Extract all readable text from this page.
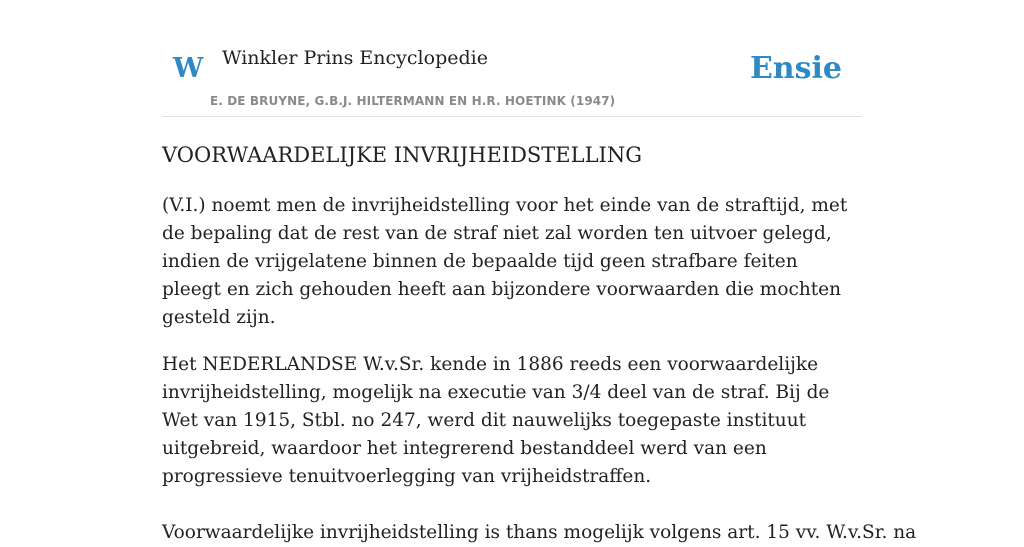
W Winkler Prins Encyclopedie
E. DE BRUYNE, G.B.J. HILTERMANN EN H.R. HOETINK (1947)
Ensie
VOORWAARDELIJKE INVRIJHEIDSTELLING

(V.I.) noemt men de invrijheidstelling voor het einde van de straftijd, met de bepaling dat de rest van de straf niet zal worden ten uitvoer gelegd, indien de vrijgelatene binnen de bepaalde tijd geen strafbare feiten pleegt en zich gehouden heeft aan bijzondere voorwaarden die mochten gesteld zijn.

Het NEDERLANDSE W.v.Sr. kende in 1886 reeds een voorwaardelijke invrijheidstelling, mogelijk na executie van 3/4 deel van de straf. Bij de Wet van 1915, Stbl. no 247, werd dit nauwelijks toegepaste instituut uitgebreid, waardoor het integrerend bestanddeel werd van een progressieve tenuitvoerlegging van vrijheidstraffen.

Voorwaardelijke invrijheidstelling is thans mogelijk volgens art. 15 vv. W.v.Sr. na
